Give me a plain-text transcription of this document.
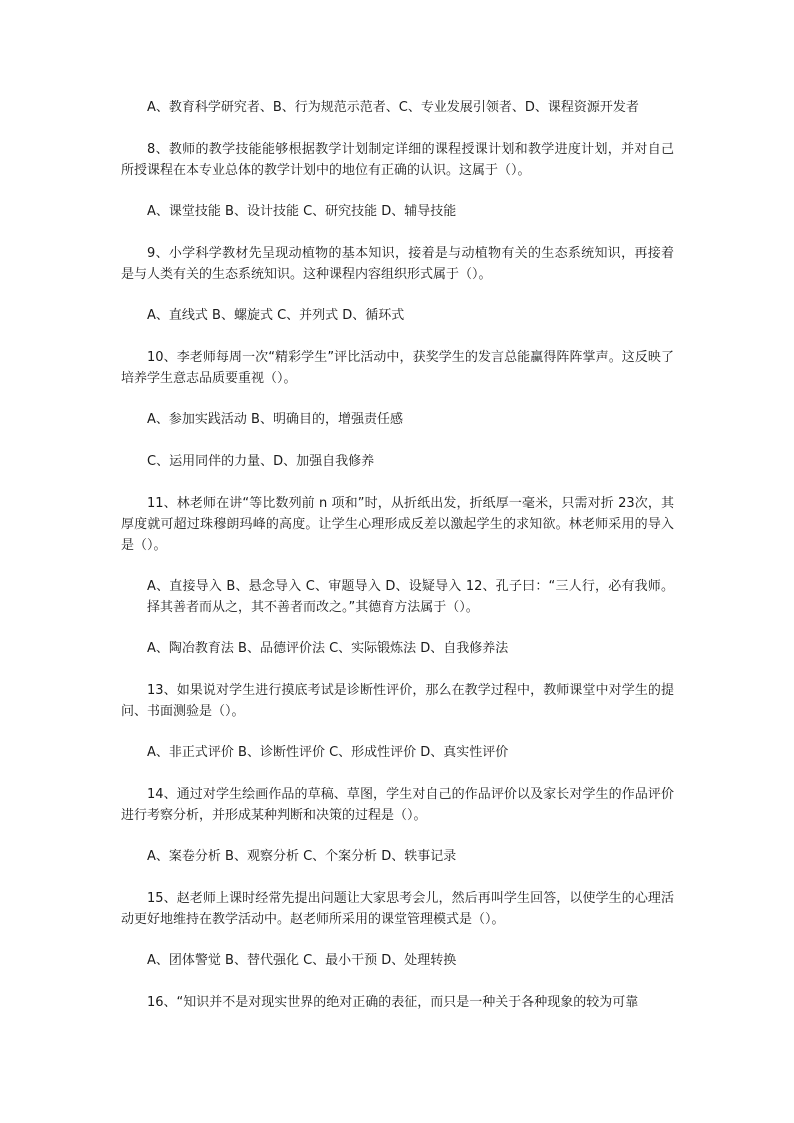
A、教育科学研究者、B、行为规范示范者、C、专业发展引领者、D、课程资源开发者

8、教师的教学技能能够根据教学计划制定详细的课程授课计划和教学进度计划，并对自己所授课程在本专业总体的教学计划中的地位有正确的认识。这属于（）。

A、课堂技能 B、设计技能 C、研究技能 D、辅导技能

9、小学科学教材先呈现动植物的基本知识，接着是与动植物有关的生态系统知识，再接着是与人类有关的生态系统知识。这种课程内容组织形式属于（）。

A、直线式 B、螺旋式 C、并列式 D、循环式

10、李老师每周一次“精彩学生”评比活动中，获奖学生的发言总能赢得阵阵掌声。这反映了培养学生意志品质要重视（）。

A、参加实践活动 B、明确目的，增强责任感

C、运用同伴的力量、D、加强自我修养

11、林老师在讲“等比数列前 n 项和”时，从折纸出发，折纸厚一毫米，只需对折 23次，其厚度就可超过珠穆朗玛峰的高度。让学生心理形成反差以激起学生的求知欲。林老师采用的导入是（）。

A、直接导入 B、悬念导入 C、审题导入 D、设疑导入 12、孔子曰：“三人行，必有我师。择其善者而从之，其不善者而改之。”其德育方法属于（）。

A、陶冶教育法 B、品德评价法 C、实际锻炼法 D、自我修养法

13、如果说对学生进行摸底考试是诊断性评价，那么在教学过程中，教师课堂中对学生的提问、书面测验是（）。

A、非正式评价 B、诊断性评价 C、形成性评价 D、真实性评价

14、通过对学生绘画作品的草稿、草图，学生对自己的作品评价以及家长对学生的作品评价进行考察分析，并形成某种判断和决策的过程是（）。

A、案卷分析 B、观察分析 C、个案分析 D、轶事记录

15、赵老师上课时经常先提出问题让大家思考会儿，然后再叫学生回答，以使学生的心理活动更好地维持在教学活动中。赵老师所采用的课堂管理模式是（）。

A、团体警觉 B、替代强化 C、最小干预 D、处理转换

16、“知识并不是对现实世界的绝对正确的表征，而只是一种关于各种现象的较为可靠
